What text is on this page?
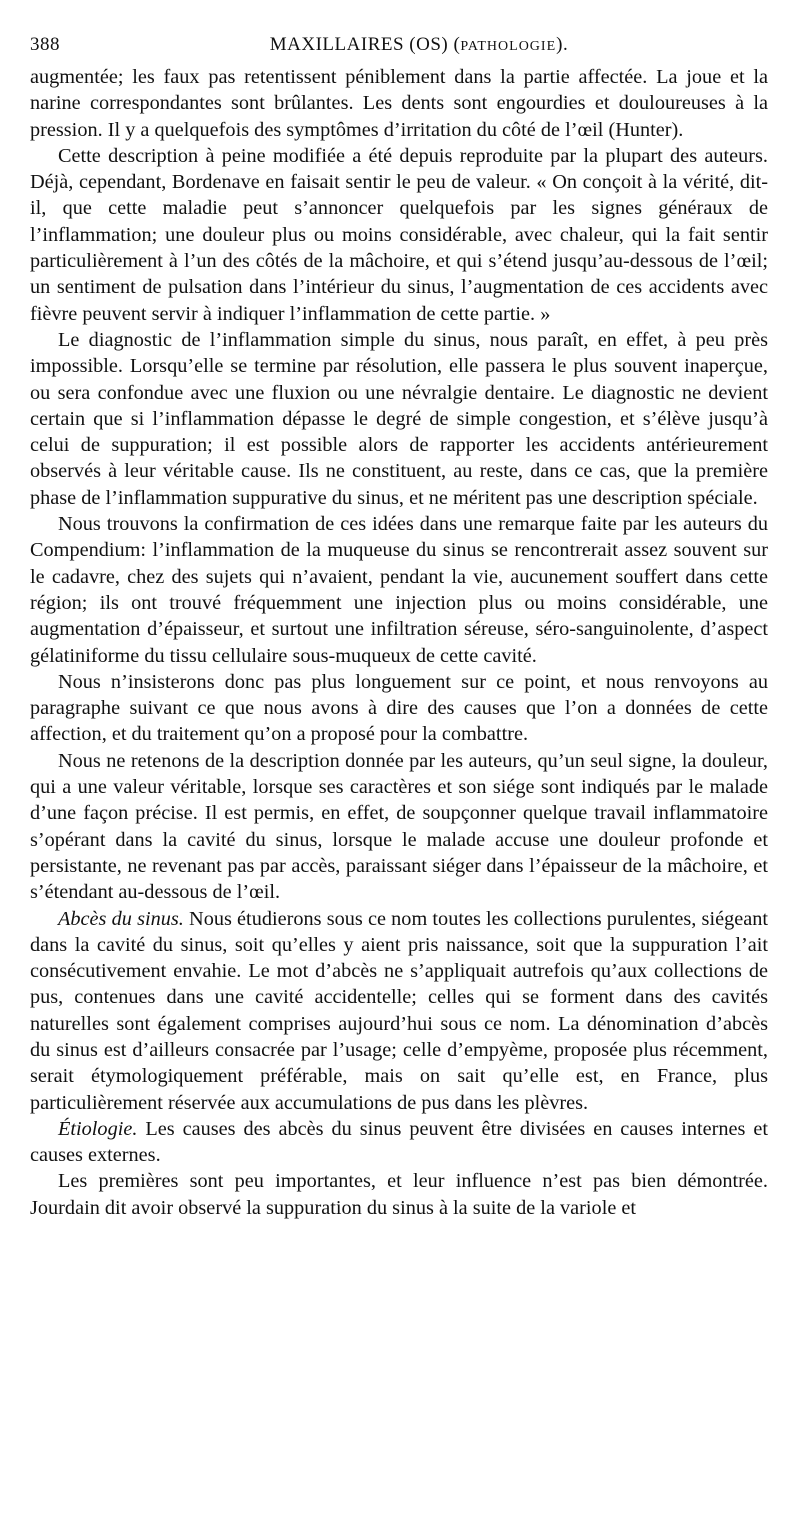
388	MAXILLAIRES (OS) (PATHOLOGIE).

augmentée; les faux pas retentissent péniblement dans la partie affectée. La joue et la narine correspondantes sont brûlantes. Les dents sont engourdies et douloureuses à la pression. Il y a quelquefois des symptômes d’irritation du côté de l’œil (Hunter).

Cette description à peine modifiée a été depuis reproduite par la plupart des auteurs. Déjà, cependant, Bordenave en faisait sentir le peu de valeur. « On conçoit à la vérité, dit-il, que cette maladie peut s’annoncer quelquefois par les signes généraux de l’inflammation; une douleur plus ou moins considérable, avec chaleur, qui la fait sentir particulièrement à l’un des côtés de la mâchoire, et qui s’étend jusqu’au-dessous de l’œil; un sentiment de pulsation dans l’intérieur du sinus, l’augmentation de ces accidents avec fièvre peuvent servir à indiquer l’inflammation de cette partie. »

Le diagnostic de l’inflammation simple du sinus, nous paraît, en effet, à peu près impossible. Lorsqu’elle se termine par résolution, elle passera le plus souvent inaperçue, ou sera confondue avec une fluxion ou une névralgie dentaire. Le diagnostic ne devient certain que si l’inflammation dépasse le degré de simple congestion, et s’élève jusqu’à celui de suppuration; il est possible alors de rapporter les accidents antérieurement observés à leur véritable cause. Ils ne constituent, au reste, dans ce cas, que la première phase de l’inflammation suppurative du sinus, et ne méritent pas une description spéciale.

Nous trouvons la confirmation de ces idées dans une remarque faite par les auteurs du Compendium: l’inflammation de la muqueuse du sinus se rencontrerait assez souvent sur le cadavre, chez des sujets qui n’avaient, pendant la vie, aucunement souffert dans cette région; ils ont trouvé fréquemment une injection plus ou moins considérable, une augmentation d’épaisseur, et surtout une infiltration séreuse, séro-sanguinolente, d’aspect gélatiniforme du tissu cellulaire sous-muqueux de cette cavité.

Nous n’insisterons donc pas plus longuement sur ce point, et nous renvoyons au paragraphe suivant ce que nous avons à dire des causes que l’on a données de cette affection, et du traitement qu’on a proposé pour la combattre.

Nous ne retenons de la description donnée par les auteurs, qu’un seul signe, la douleur, qui a une valeur véritable, lorsque ses caractères et son siége sont indiqués par le malade d’une façon précise. Il est permis, en effet, de soupçonner quelque travail inflammatoire s’opérant dans la cavité du sinus, lorsque le malade accuse une douleur profonde et persistante, ne revenant pas par accès, paraissant siéger dans l’épaisseur de la mâchoire, et s’étendant au-dessous de l’œil.

Abcès du sinus. Nous étudierons sous ce nom toutes les collections purulentes, siégeant dans la cavité du sinus, soit qu’elles y aient pris naissance, soit que la suppuration l’ait consécutivement envahie. Le mot d’abcès ne s’appliquait autrefois qu’aux collections de pus, contenues dans une cavité accidentelle; celles qui se forment dans des cavités naturelles sont également comprises aujourd’hui sous ce nom. La dénomination d’abcès du sinus est d’ailleurs consacrée par l’usage; celle d’empyème, proposée plus récemment, serait étymologiquement préférable, mais on sait qu’elle est, en France, plus particulièrement réservée aux accumulations de pus dans les plèvres.

Étiologie. Les causes des abcès du sinus peuvent être divisées en causes internes et causes externes.

Les premières sont peu importantes, et leur influence n’est pas bien démontrée. Jourdain dit avoir observé la suppuration du sinus à la suite de la variole et
